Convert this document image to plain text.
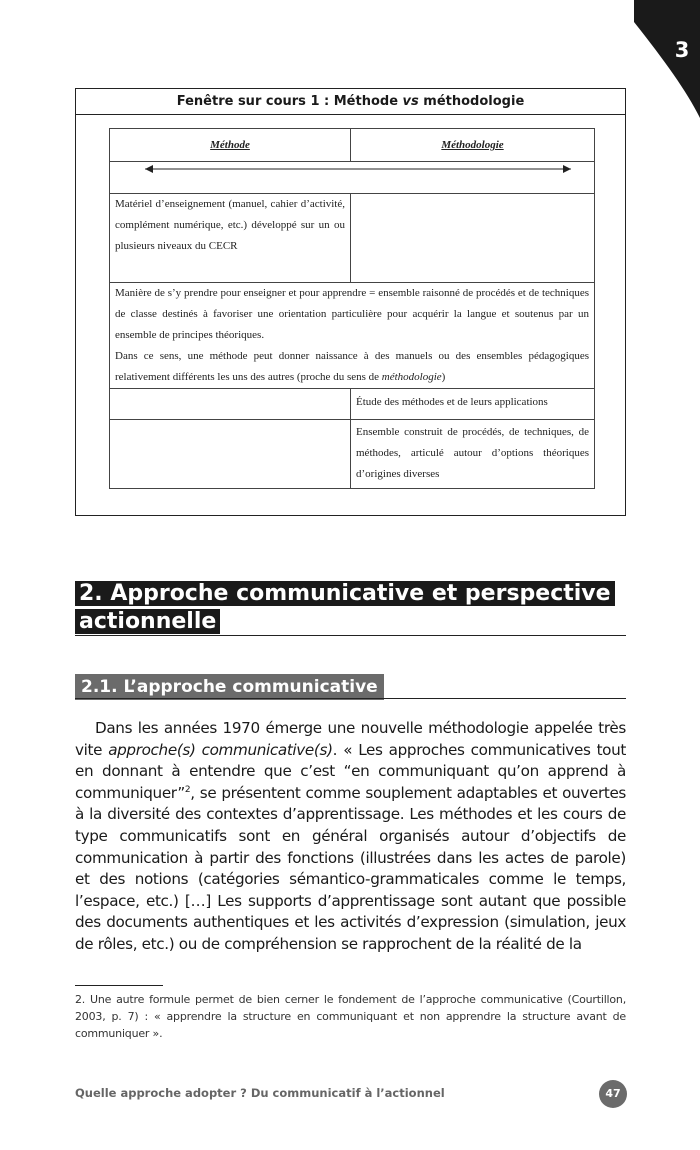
3
Fenêtre sur cours 1 : Méthode vs méthodologie
Méthode	Méthodologie

Matériel d’enseignement (manuel, cahier d’activité, complément numérique, etc.) développé sur un ou plusieurs niveaux du CECR	

Manière de s’y prendre pour enseigner et pour apprendre = ensemble raisonné de procédés et de techniques de classe destinés à favoriser une orientation particulière pour acquérir la langue et soutenus par un ensemble de principes théoriques.
Dans ce sens, une méthode peut donner naissance à des manuels ou des ensembles pédagogiques relativement différents les uns des autres (proche du sens de méthodologie)	

	Étude des méthodes et de leurs applications
	Ensemble construit de procédés, de techniques, de méthodes, articulé autour d’options théoriques d’origines diverses
2. Approche communicative et perspective
actionnelle
2.1. L’approche communicative

Dans les années 1970 émerge une nouvelle méthodologie appelée très vite approche(s) communicative(s). « Les approches communicatives tout en donnant à entendre que c’est “en communiquant qu’on apprend à communiquer”$^2$, se présentent comme souplement adaptables et ouvertes à la diversité des contextes d’apprentissage. Les méthodes et les cours de type communicatifs sont en général organisés autour d’objectifs de communication à partir des fonctions (illustrées dans les actes de parole) et des notions (catégories sémantico-grammaticales comme le temps, l’espace, etc.) […] Les supports d’apprentissage sont autant que possible des documents authentiques et les activités d’expression (simulation, jeux de rôles, etc.) ou de compréhension se rapprochent de la réalité de la

2. Une autre formule permet de bien cerner le fondement de l’approche communicative (Courtillon, 2003, p. 7) : « apprendre la structure en communiquant et non apprendre la structure avant de communiquer ».
Quelle approche adopter ? Du communicatif à l’actionnel	47
